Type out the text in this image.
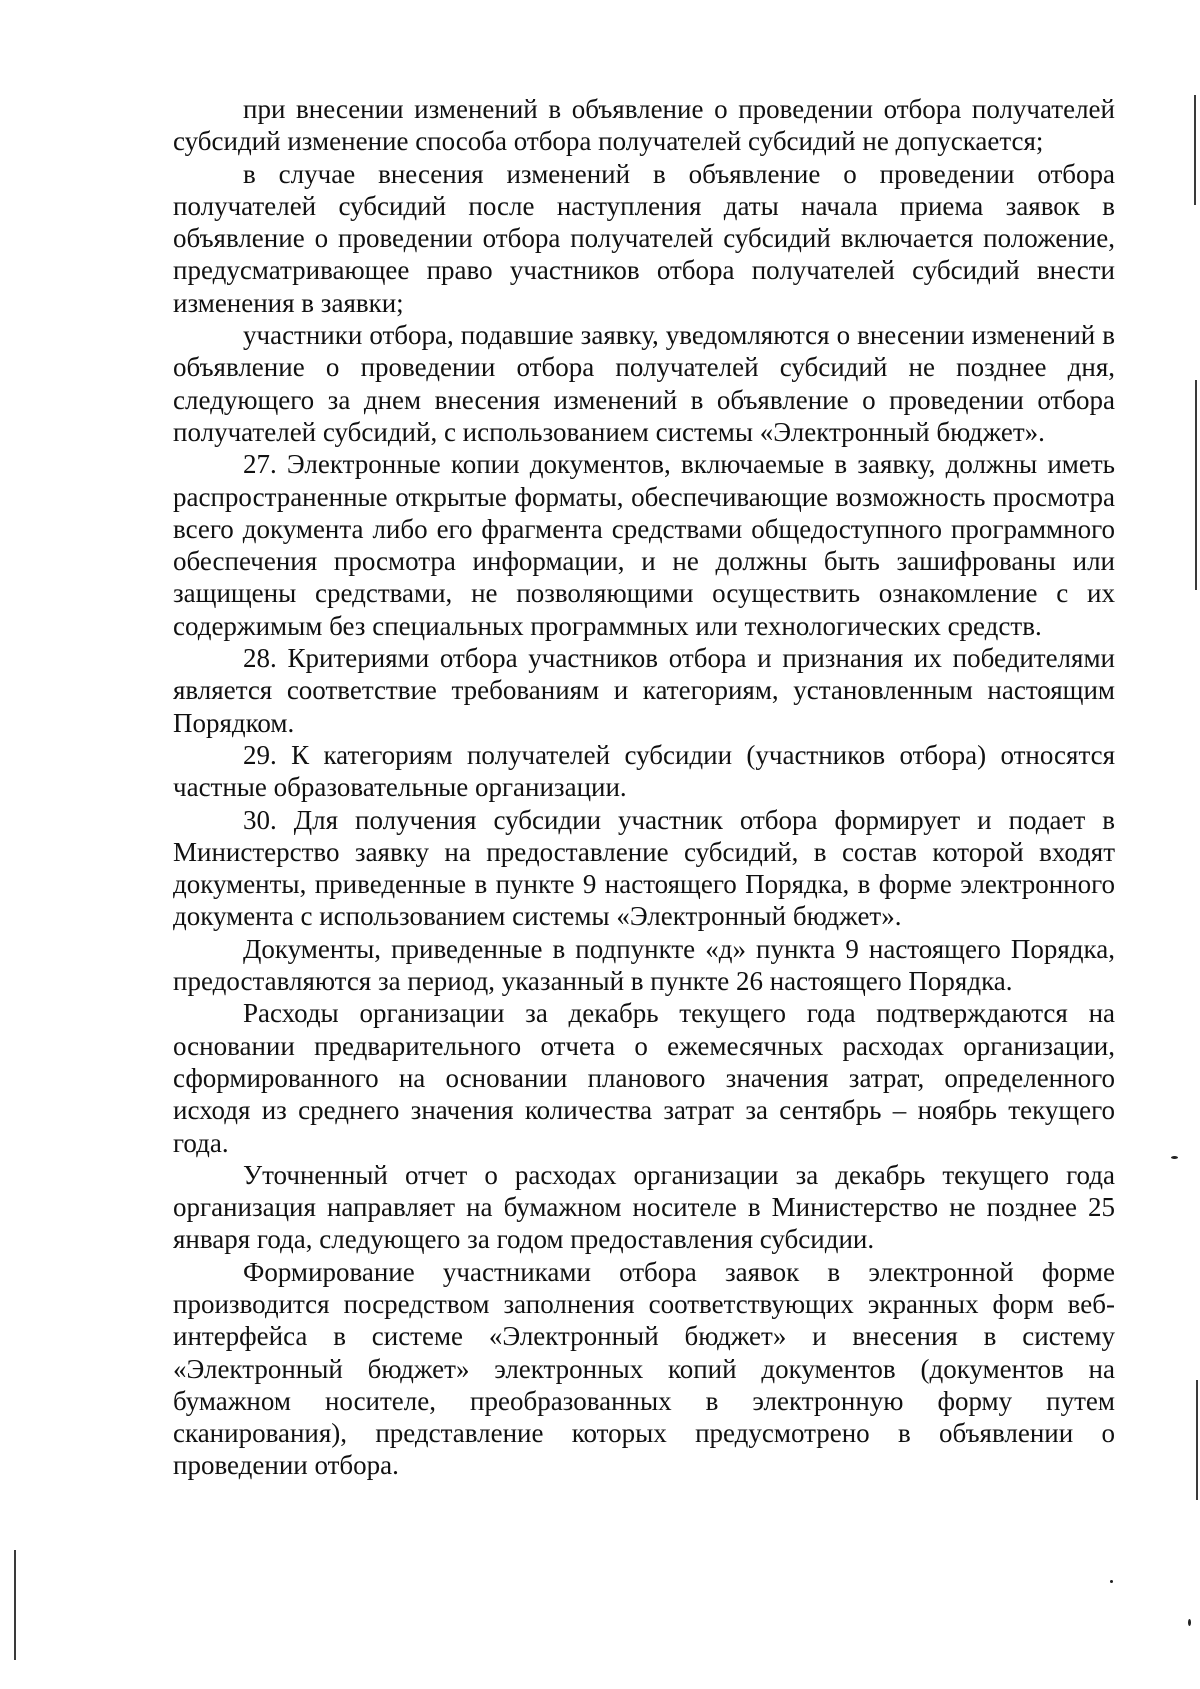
при внесении изменений в объявление о проведении отбора получателей субсидий изменение способа отбора получателей субсидий не допускается;

в случае внесения изменений в объявление о проведении отбора получателей субсидий после наступления даты начала приема заявок в объявление о проведении отбора получателей субсидий включается положение, предусматривающее право участников отбора получателей субсидий внести изменения в заявки;

участники отбора, подавшие заявку, уведомляются о внесении изменений в объявление о проведении отбора получателей субсидий не позднее дня, следующего за днем внесения изменений в объявление о проведении отбора получателей субсидий, с использованием системы «Электронный бюджет».

27. Электронные копии документов, включаемые в заявку, должны иметь распространенные открытые форматы, обеспечивающие возможность просмотра всего документа либо его фрагмента средствами общедоступного программного обеспечения просмотра информации, и не должны быть зашифрованы или защищены средствами, не позволяющими осуществить ознакомление с их содержимым без специальных программных или технологических средств.

28. Критериями отбора участников отбора и признания их победителями является соответствие требованиям и категориям, установленным настоящим Порядком.

29. К категориям получателей субсидии (участников отбора) относятся частные образовательные организации.

30. Для получения субсидии участник отбора формирует и подает в Министерство заявку на предоставление субсидий, в состав которой входят документы, приведенные в пункте 9 настоящего Порядка, в форме электронного документа с использованием системы «Электронный бюджет».

Документы, приведенные в подпункте «д» пункта 9 настоящего Порядка, предоставляются за период, указанный в пункте 26 настоящего Порядка.

Расходы организации за декабрь текущего года подтверждаются на основании предварительного отчета о ежемесячных расходах организации, сформированного на основании планового значения затрат, определенного исходя из среднего значения количества затрат за сентябрь – ноябрь текущего года.

Уточненный отчет о расходах организации за декабрь текущего года организация направляет на бумажном носителе в Министерство не позднее 25 января года, следующего за годом предоставления субсидии.

Формирование участниками отбора заявок в электронной форме производится посредством заполнения соответствующих экранных форм веб-интерфейса в системе «Электронный бюджет» и внесения в систему «Электронный бюджет» электронных копий документов (документов на бумажном носителе, преобразованных в электронную форму путем сканирования), представление которых предусмотрено в объявлении о проведении отбора.
